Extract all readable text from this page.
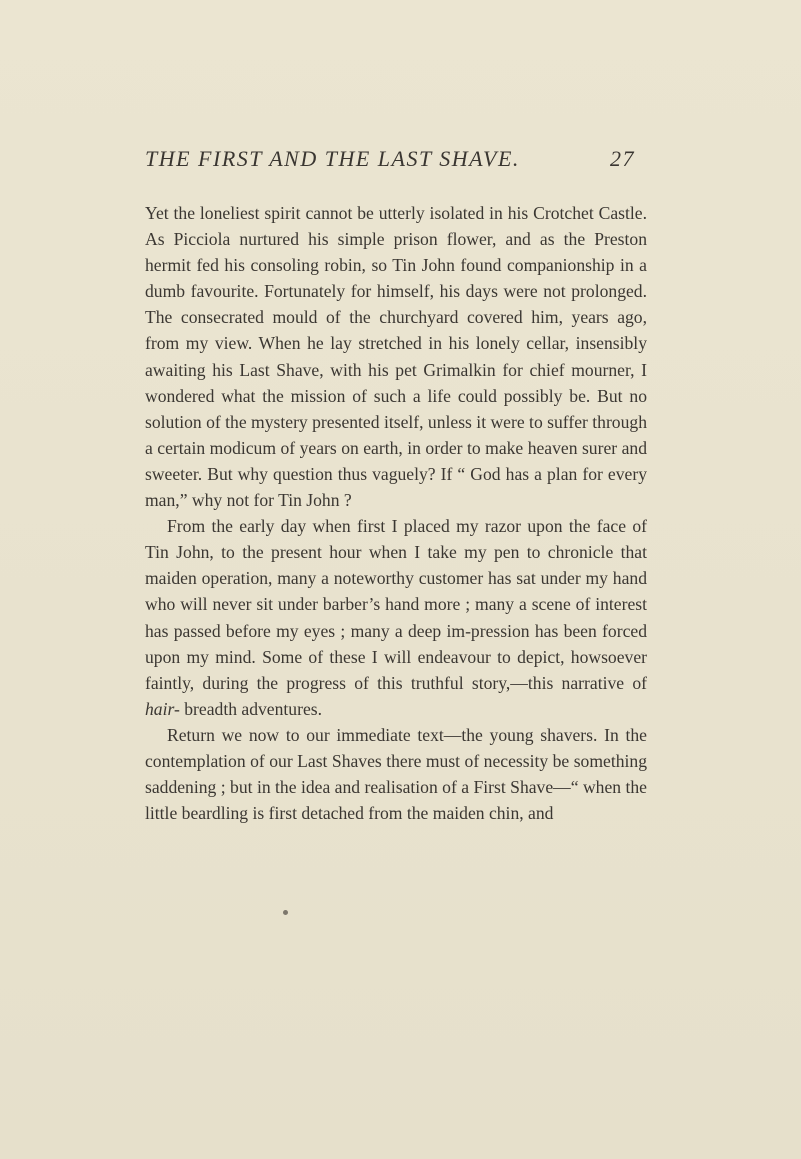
THE FIRST AND THE LAST SHAVE.	27

Yet the loneliest spirit cannot be utterly isolated in his Crotchet Castle. As Picciola nurtured his simple prison flower, and as the Preston hermit fed his consoling robin, so Tin John found companionship in a dumb favourite. Fortunately for himself, his days were not prolonged. The consecrated mould of the churchyard covered him, years ago, from my view. When he lay stretched in his lonely cellar, insensibly awaiting his Last Shave, with his pet Grimalkin for chief mourner, I wondered what the mission of such a life could possibly be. But no solution of the mystery presented itself, unless it were to suffer through a certain modicum of years on earth, in order to make heaven surer and sweeter. But why question thus vaguely? If “ God has a plan for every man,” why not for Tin John ?

From the early day when first I placed my razor upon the face of Tin John, to the present hour when I take my pen to chronicle that maiden operation, many a noteworthy customer has sat under my hand who will never sit under barber’s hand more ; many a scene of interest has passed before my eyes ; many a deep im-pression has been forced upon my mind. Some of these I will endeavour to depict, howsoever faintly, during the progress of this truthful story,—this narrative of hair- breadth adventures.

Return we now to our immediate text—the young shavers. In the contemplation of our Last Shaves there must of necessity be something saddening ; but in the idea and realisation of a First Shave—“ when the little beardling is first detached from the maiden chin, and
